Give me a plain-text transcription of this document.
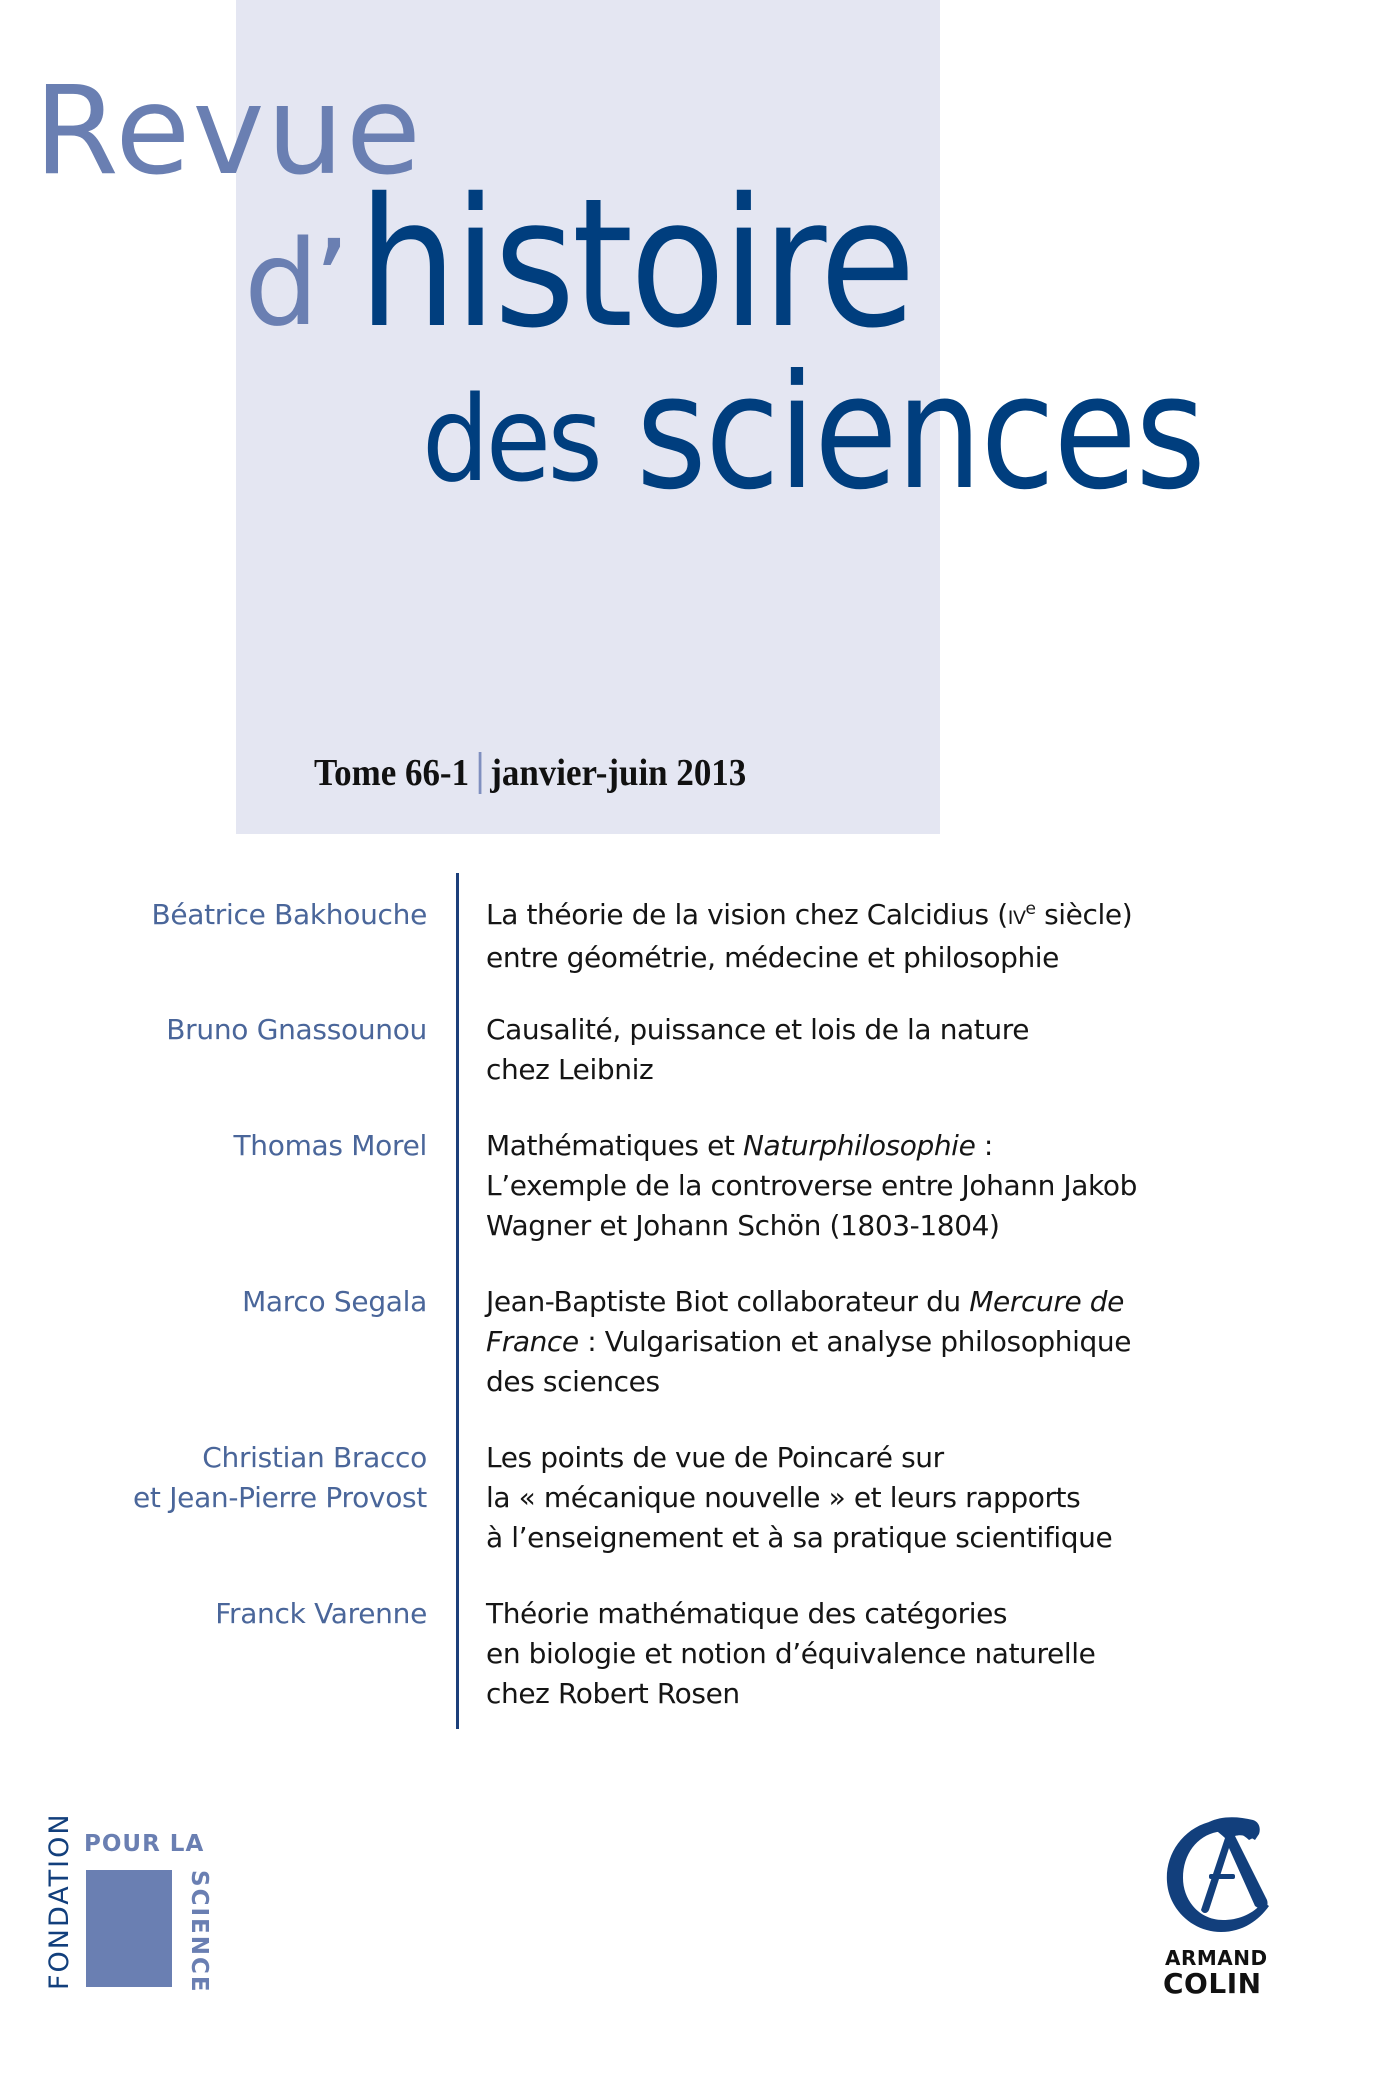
Revue
d’ histoire
des sciences
Tome 66-1 janvier-juin 2013
Béatrice Bakhouche La théorie de la vision chez Calcidius (IVe siècle)
entre géométrie, médecine et philosophie
Bruno Gnassounou Causalité, puissance et lois de la nature
chez Leibniz
Thomas Morel Mathématiques et Naturphilosophie :
L’exemple de la controverse entre Johann Jakob
Wagner et Johann Schön (1803-1804)
Marco Segala Jean-Baptiste Biot collaborateur du Mercure de
France : Vulgarisation et analyse philosophique
des sciences
Christian Bracco
et Jean-Pierre Provost
Les points de vue de Poincaré sur
la « mécanique nouvelle » et leurs rapports
à l’enseignement et à sa pratique scientifique
Franck Varenne Théorie mathématique des catégories
en biologie et notion d’équivalence naturelle
chez Robert Rosen
FONDATION POUR LA
SCIENCE	ARMAND
COLIN
